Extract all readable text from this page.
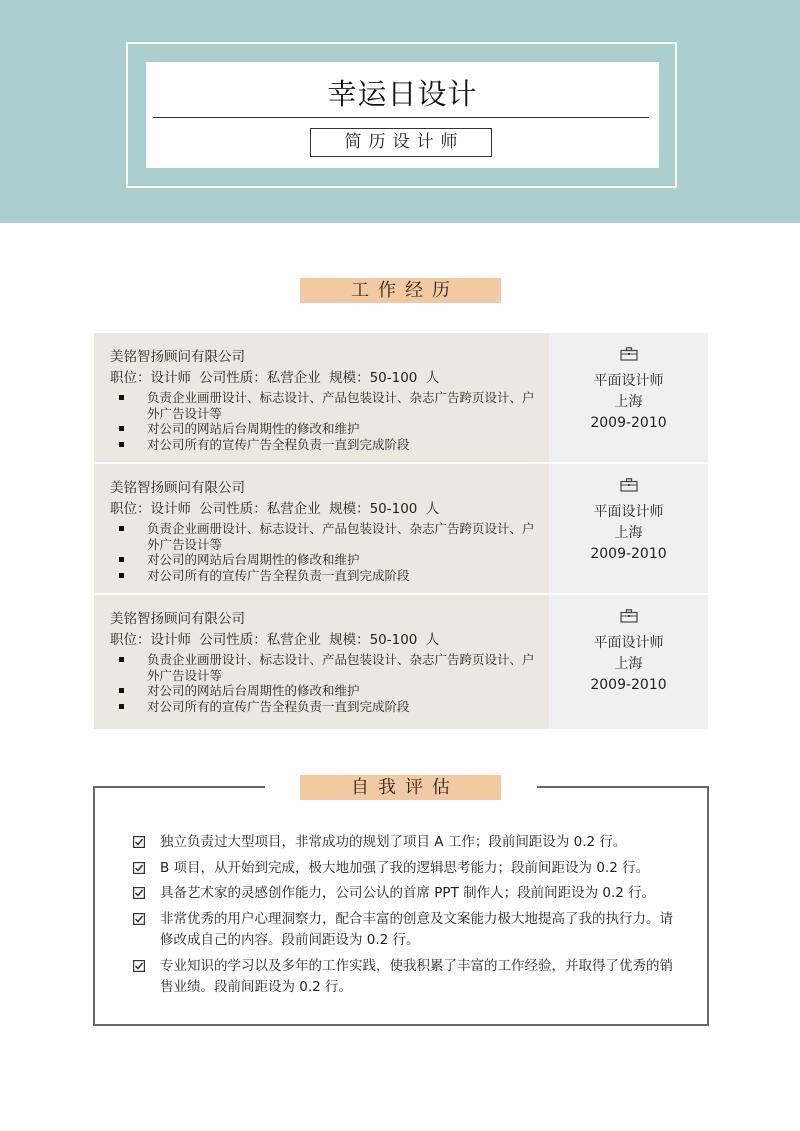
幸运日设计
简历设计师
工作经历
美铭智扬顾问有限公司
职位：设计师 公司性质：私营企业 规模：50-100 人
负责企业画册设计、标志设计、产品包装设计、杂志广告跨页设计、户外广告设计等
对公司的网站后台周期性的修改和维护
对公司所有的宣传广告全程负责一直到完成阶段
平面设计师
上海
2009-2010
美铭智扬顾问有限公司
职位：设计师 公司性质：私营企业 规模：50-100 人
负责企业画册设计、标志设计、产品包装设计、杂志广告跨页设计、户外广告设计等
对公司的网站后台周期性的修改和维护
对公司所有的宣传广告全程负责一直到完成阶段
平面设计师
上海
2009-2010
美铭智扬顾问有限公司
职位：设计师 公司性质：私营企业 规模：50-100 人
负责企业画册设计、标志设计、产品包装设计、杂志广告跨页设计、户外广告设计等
对公司的网站后台周期性的修改和维护
对公司所有的宣传广告全程负责一直到完成阶段
平面设计师
上海
2009-2010
自我评估
独立负责过大型项目，非常成功的规划了项目 A 工作；段前间距设为 0.2 行。
B 项目，从开始到完成，极大地加强了我的逻辑思考能力；段前间距设为 0.2 行。
具备艺术家的灵感创作能力，公司公认的首席 PPT 制作人；段前间距设为 0.2 行。
非常优秀的用户心理洞察力，配合丰富的创意及文案能力极大地提高了我的执行力。请修改成自己的内容。段前间距设为 0.2 行。
专业知识的学习以及多年的工作实践，使我积累了丰富的工作经验，并取得了优秀的销售业绩。段前间距设为 0.2 行。
